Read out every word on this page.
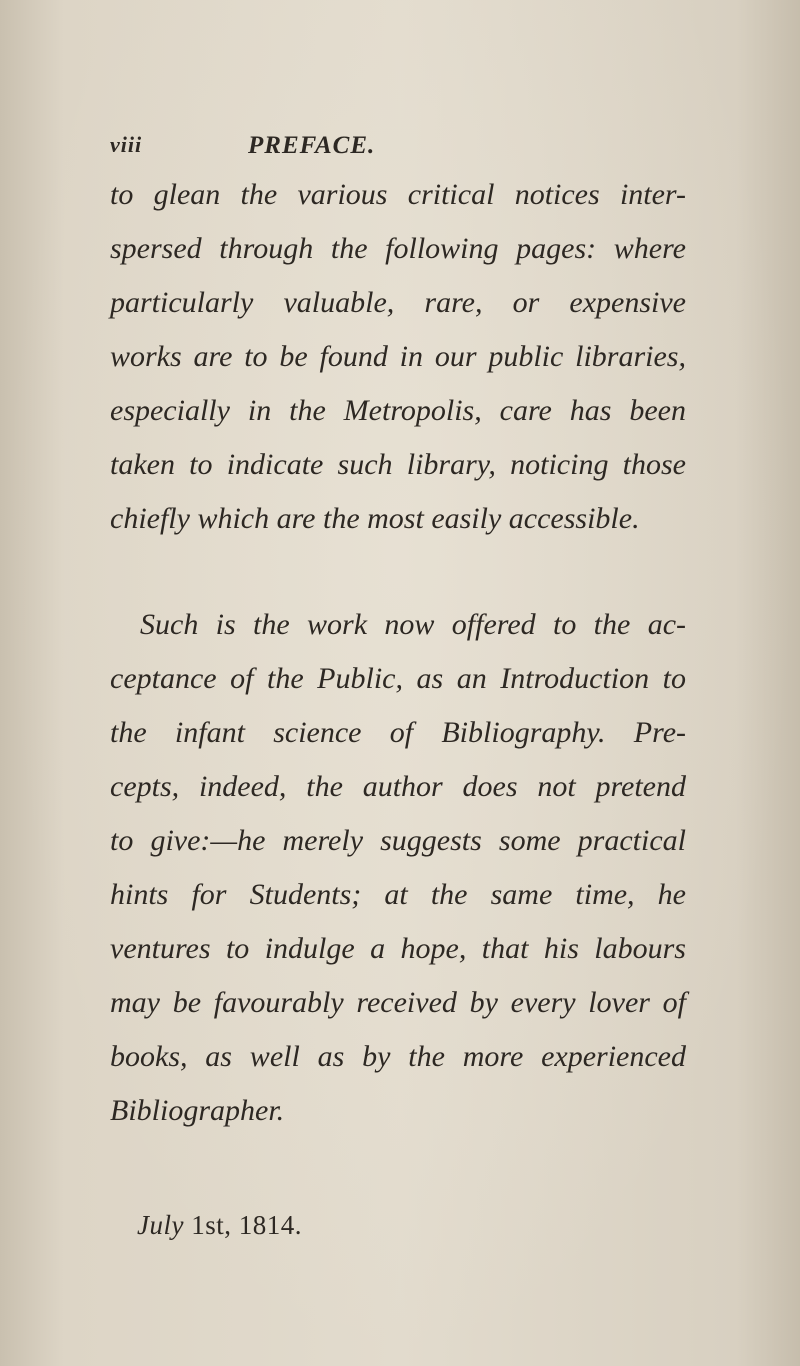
viii	PREFACE.

to glean the various critical notices inter-

spersed through the following pages: where

particularly valuable, rare, or expensive

works are to be found in our public libraries,

especially in the Metropolis, care has been

taken to indicate such library, noticing those

chiefly which are the most easily accessible.

Such is the work now offered to the ac-

ceptance of the Public, as an Introduction to

the infant science of Bibliography. Pre-

cepts, indeed, the author does not pretend

to give:—he merely suggests some practical

hints for Students; at the same time, he

ventures to indulge a hope, that his labours

may be favourably received by every lover of

books, as well as by the more experienced

Bibliographer.

July 1st, 1814.
